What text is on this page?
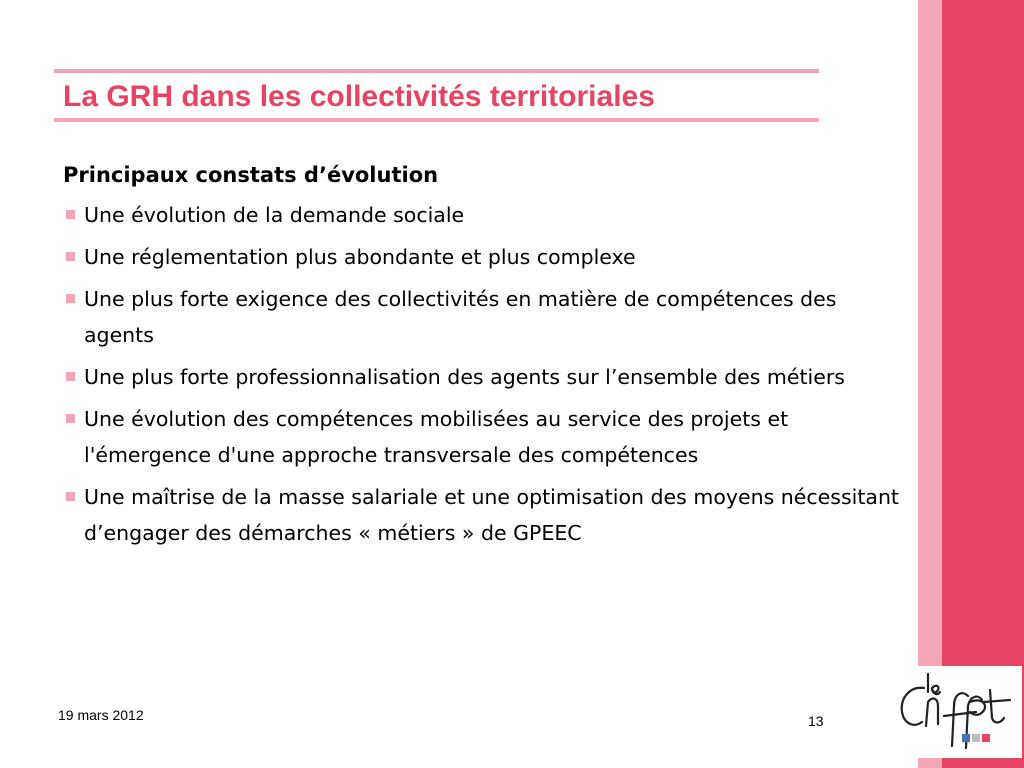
La GRH dans les collectivités territoriales

Principaux constats d’évolution

Une évolution de la demande sociale
Une réglementation plus abondante et plus complexe
Une plus forte exigence des collectivités en matière de compétences des agents
Une plus forte professionnalisation des agents sur l’ensemble des métiers
Une évolution des compétences mobilisées au service des projets et l'émergence d'une approche transversale des compétences
Une maîtrise de la masse salariale et une optimisation des moyens nécessitant d’engager des démarches « métiers » de GPEEC
19 mars 2012	13
